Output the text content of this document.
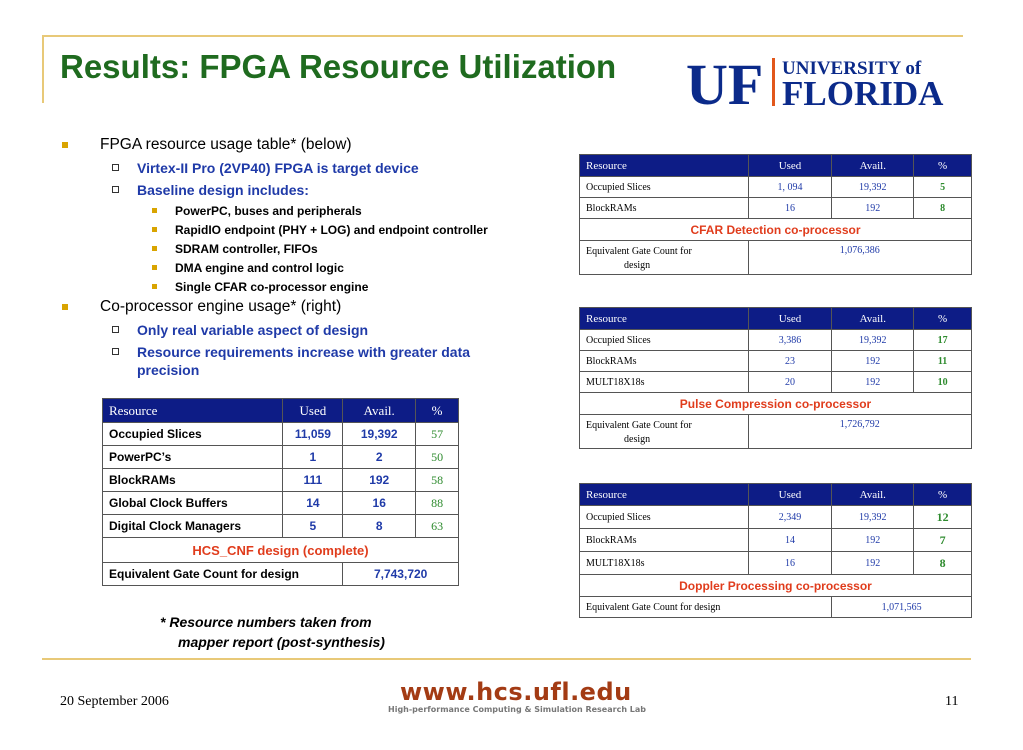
Results: FPGA Resource Utilization UF UNIVERSITY of
FLORIDA
FPGA resource usage table* (below)
Virtex-II Pro (2VP40) FPGA is target device
Baseline design includes:
PowerPC, buses and peripherals
RapidIO endpoint (PHY + LOG) and endpoint controller
SDRAM controller, FIFOs
DMA engine and control logic
Single CFAR co-processor engine
Co-processor engine usage* (right)
Only real variable aspect of design
Resource requirements increase with greater data precision
Resource	Used	Avail.	%
Occupied Slices	11,059	19,392	57
PowerPC’s	1	2	50
BlockRAMs	111	192	58
Global Clock Buffers	14	16	88
Digital Clock Managers	5	8	63
HCS_CNF design (complete)			
Equivalent Gate Count for design		7,743,720	
Resource	Used	Avail.	%
Occupied Slices	1, 094	19,392	5
BlockRAMs	16	192	8
CFAR Detection co-processor			
Equivalent Gate Count for
design	1,076,386		
Resource	Used	Avail.	%
Occupied Slices	3,386	19,392	17
BlockRAMs	23	192	11
MULT18X18s	20	192	10
Pulse Compression co-processor			
Equivalent Gate Count for
design	1,726,792		
Resource	Used	Avail.	%
Occupied Slices	2,349	19,392	12
BlockRAMs	14	192	7
MULT18X18s	16	192	8
Doppler Processing co-processor			
Equivalent Gate Count for design		1,071,565	
* Resource numbers taken from
mapper report (post-synthesis)
20 September 2006	www.hcs.ufl.edu
High-performance Computing & Simulation Research Lab
11
